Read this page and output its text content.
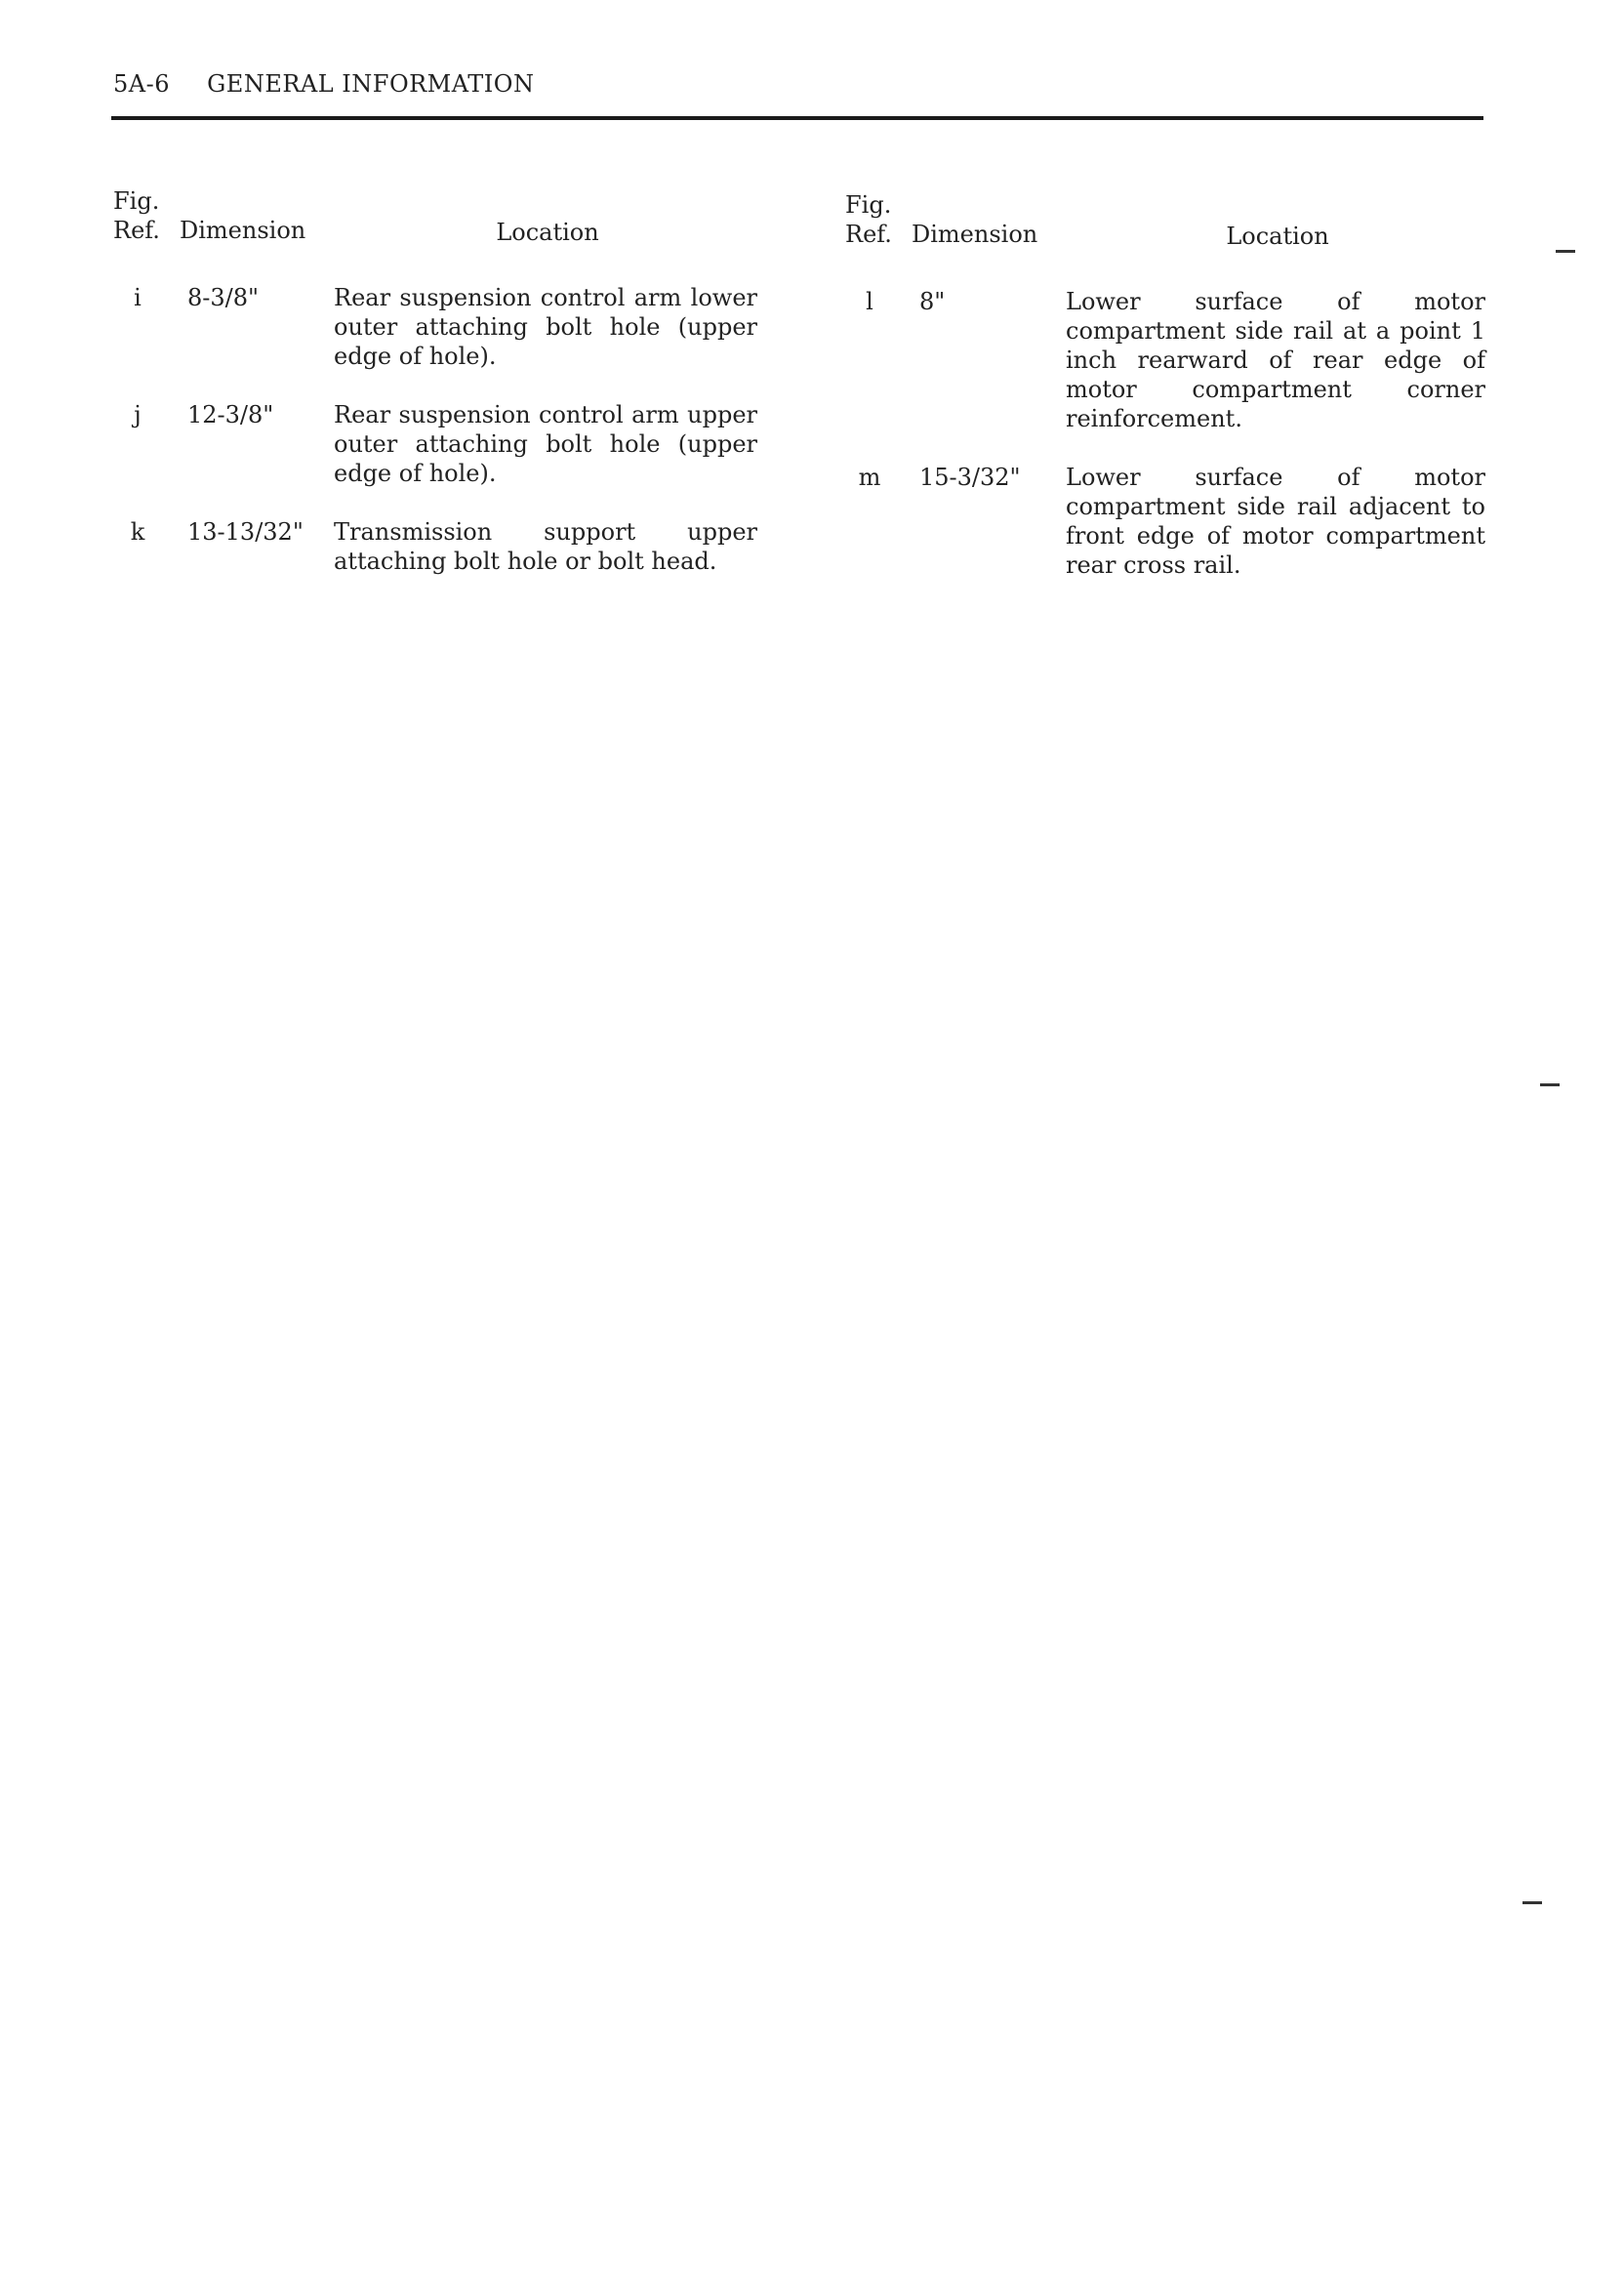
5A-6 GENERAL INFORMATION
Fig.
Ref. Dimension	Location
i	8-3/8"	Rear suspension control arm lower outer attaching bolt hole (upper edge of hole).
j	12-3/8"	Rear suspension control arm upper outer attaching bolt hole (upper edge of hole).
k	13-13/32" Transmission support upper attaching bolt hole or bolt head.
Fig.
Ref. Dimension	Location
l	8"	Lower surface of motor compartment side rail at a point 1 inch rearward of rear edge of motor compartment corner reinforcement.
m	15-3/32" Lower surface of motor compartment side rail adjacent to front edge of motor compartment rear cross rail.
